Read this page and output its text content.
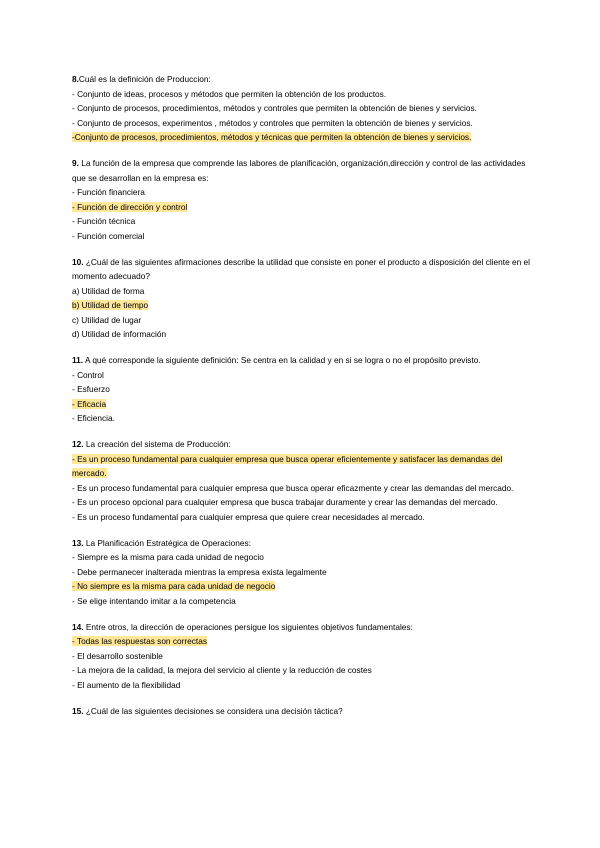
8.Cuál es la definición de Produccion:
- Conjunto de ideas, procesos y métodos que permiten la obtención de los productos.
- Conjunto de procesos, procedimientos, métodos y controles que permiten la obtención de bienes y servicios.
- Conjunto de procesos, experimentos , métodos y controles que permiten la obtención de bienes y servicios.
-Conjunto de procesos, procedimientos, métodos y técnicas que permiten la obtención de bienes y servicios.
9. La función de la empresa que comprende las labores de planificación, organización,dirección y control de las actividades que se desarrollan en la empresa es:
- Función financiera
- Función de dirección y control
- Función técnica
- Función comercial
10. ¿Cuál de las siguientes afirmaciones describe la utilidad que consiste en poner el producto a disposición del cliente en el momento adecuado?
a) Utilidad de forma
b) Utilidad de tiempo
c) Utilidad de lugar
d) Utilidad de información
11. A qué corresponde la siguiente definición: Se centra en la calidad y en si se logra o no el propósito previsto.
- Control
- Esfuerzo
- Eficacia
- Eficiencia.
12. La creación del sistema de Producción:
- Es un proceso fundamental para cualquier empresa que busca operar eficientemente y satisfacer las demandas del mercado.
- Es un proceso fundamental para cualquier empresa que busca operar eficazmente y crear las demandas del mercado.
- Es un proceso opcional para cualquier empresa que busca trabajar duramente y crear las demandas del mercado.
- Es un proceso fundamental para cualquier empresa que quiere crear necesidades al mercado.
13. La Planificación Estratégica de Operaciones:
- Siempre es la misma para cada unidad de negocio
- Debe permanecer inalterada mientras la empresa exista legalmente
- No siempre es la misma para cada unidad de negocio
- Se elige intentando imitar a la competencia
14. Entre otros, la dirección de operaciones persigue los siguientes objetivos fundamentales:
- Todas las respuestas son correctas
- El desarrollo sostenible
- La mejora de la calidad, la mejora del servicio al cliente y la reducción de costes
- El aumento de la flexibilidad
15. ¿Cuál de las siguientes decisiones se considera una decisión táctica?
